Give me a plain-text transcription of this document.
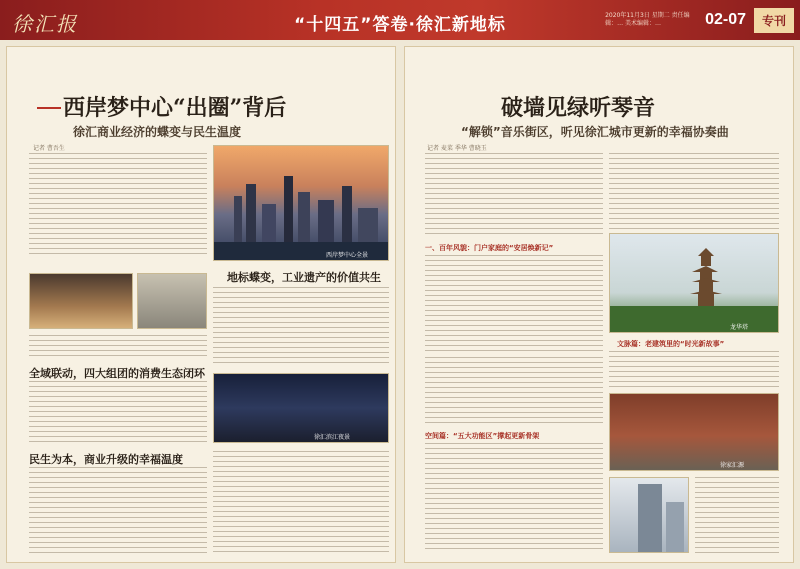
徐汇报	“十四五”答卷·徐汇新地标	2020年11月3日 星期二 责任编辑：… 美术编辑：…	02-07	专刊
西岸梦中心“出圈”背后
徐汇商业经济的蝶变与民生温度
记者 曹吾生
西岸梦中心全景
地标蝶变，工业遗产的价值共生
全域联动，四大组团的消费生态闭环
徐汇滨江夜景
民生为本，商业升级的幸福温度
破墙见绿听琴音
“解锁”音乐街区，听见徐汇城市更新的幸福协奏曲
记者 麦菜 季华 曹晓玉
一、百年风貌：门户家庭的“安居焕新记”
龙华塔
文脉篇：老建筑里的“时光新故事”
徐家汇源
空间篇：“五大功能区”撑起更新骨架
